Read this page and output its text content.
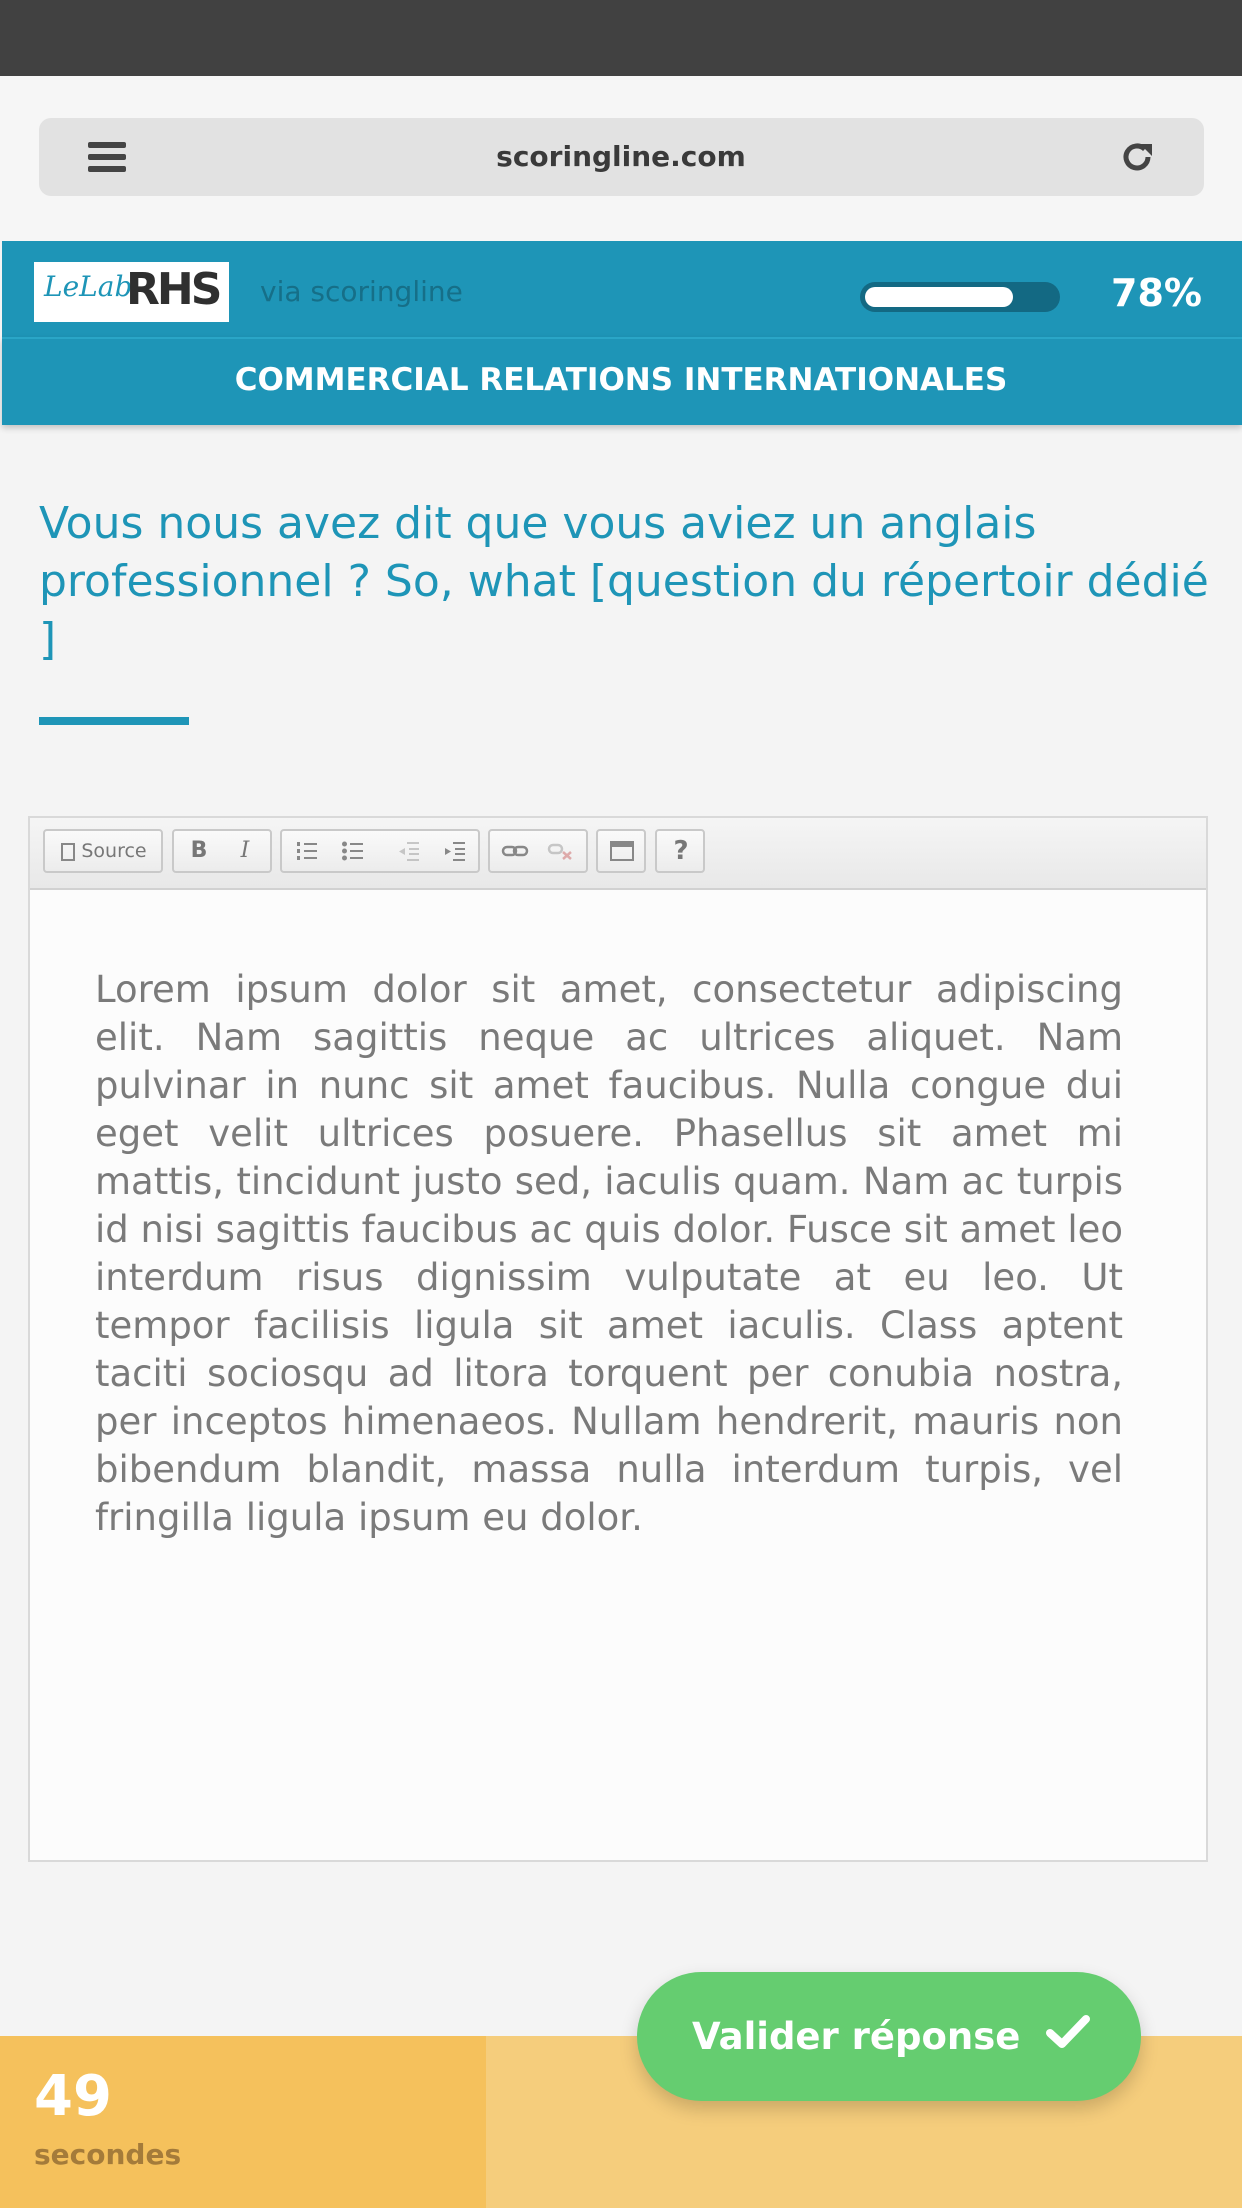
scoringline.com
LeLab
RHS via scoringline	78%
COMMERCIAL RELATIONS INTERNATIONALES
Vous nous avez dit que vous aviez un anglais professionnel ? So, what [question du répertoir dédié ]
Source	B	I	?
Lorem ipsum dolor sit amet, consectetur adipiscing elit. Nam sagittis neque ac ultrices aliquet. Nam pulvinar in nunc sit amet faucibus. Nulla congue dui eget velit ultrices posuere. Phasellus sit amet mi mattis, tincidunt justo sed, iaculis quam. Nam ac turpis id nisi sagittis faucibus ac quis dolor. Fusce sit amet leo interdum risus dignissim vulputate at eu leo. Ut tempor facilisis ligula sit amet iaculis. Class aptent taciti sociosqu ad litora torquent per conubia nostra, per inceptos himenaeos. Nullam hendrerit, mauris non bibendum blandit, massa nulla interdum turpis, vel fringilla ligula ipsum eu dolor.
49
secondes
Valider réponse
